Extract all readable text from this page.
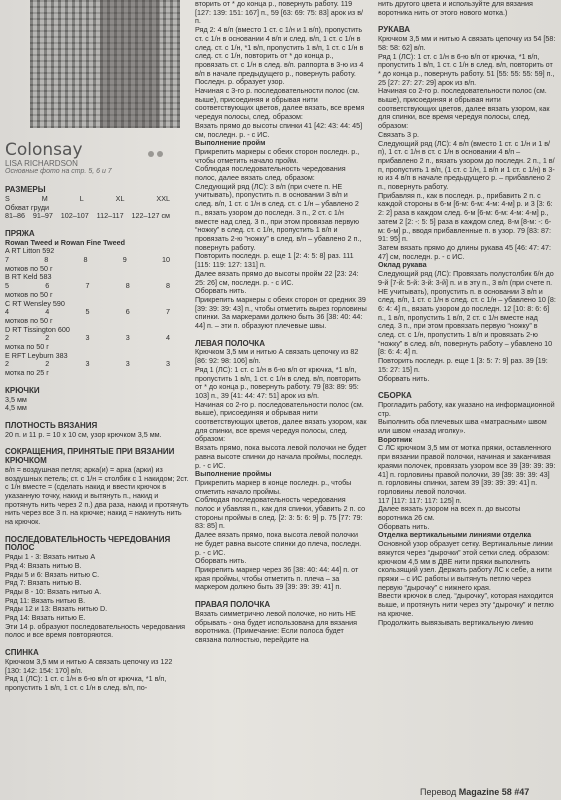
Colonsay
LISA RICHARDSON
Основные фото на стр. 5, 6 и 7
РАЗМЕРЫ
S	M	L	XL	XXL

Обхват груди

81–86 91–97 102–107 112–117 122–127 см
ПРЯЖА

Rowan Tweed и Rowan Fine Tweed

A RT Litton 592

7	8	8	9	10

мотков по 50 г

B RT Keld 583

5	6	7	8	8

мотков по 50 г

C RT Wensley 590

4	4	5	6	7

мотков по 50 г

D RT Tissington 600

2	2	3	3	4

мотка по 50 г

E RFT Leyburn 383

2	2	3	3	3

мотка по 25 г

КРЮЧКИ

3,5 мм

4,5 мм

ПЛОТНОСТЬ ВЯЗАНИЯ

20 п. и 11 р. = 10 х 10 см, узор крючком 3,5 мм.

СОКРАЩЕНИЯ, ПРИНЯТЫЕ ПРИ ВЯЗАНИИ КРЮЧКОМ

в/п = воздушная петля; арка(и) = арка (арки) из воздушных петель; ст. с 1/н = столбик с 1 накидом; 2ст. с 1/н вместе = (сделать накид и ввести крючок в указанную точку, накид и вытянуть п., накид и протянуть нить через 2 п.) два раза, накид и протянуть нить через все 3 п. на крючке; накид = накинуть нить на крючок.

ПОСЛЕДОВАТЕЛЬНОСТЬ ЧЕРЕДОВАНИЯ ПОЛОС

Ряды 1 - 3: Вязать нитью А

Ряд 4: Вязать нитью В.

Ряды 5 и 6: Вязать нитью С.

Ряд 7: Вязать нитью В.

Ряды 8 - 10: Вязать нитью А.

Ряд 11: Вязать нитью В.

Ряды 12 и 13: Вязать нитью D.

Ряд 14: Вязать нитью Е.

Эти 14 р. образуют последовательность чередования полос и все время повторяются.

СПИНКА

Крючком 3,5 мм и нитью А связать цепочку из 122 [130: 142: 154: 170] в/п.

Ряд 1 (ЛС): 1 ст. с 1/н в 6-ю в/п от крючка, *1 в/п, пропустить 1 в/п, 1 ст. с 1/н в след. в/п, по-

вторить от * до конца р., повернуть работу. 119 [127: 139: 151: 167] п., 59 [63: 69: 75: 83] арок из в/п.

Ряд 2: 4 в/п (вместо 1 ст. с 1/н и 1 в/п), пропустить ст. с 1/н в основании 4 в/п и след. в/п, 1 ст. с 1/н в след. ст. с 1/н, *1 в/п, пропустить 1 в/п, 1 ст. с 1/н в след. ст. с 1/н, повторить от * до конца р., провязать ст. с 1/н в след. в/п. раппорта в 3-ю из 4 в/п в начале предыдущего р., повернуть работу.

Последн. р. образует узор.

Начиная с 3-го р. последовательности полос (см. выше), присоединяя и обрывая нити соответствующих цветов, далее вязать, все время чередуя полосы, след. образом:

Вязать прямо до высоты спинки 41 [42: 43: 44: 45] см, последн. р. - с ИС.

Выполнение пройм

Прикрепить маркеры с обеих сторон последн. р., чтобы отметить начало пройм.

Соблюдая последовательность чередования полос, далее вязать след. образом:

Следующий ряд (ЛС): 3 в/п (при счете п. НЕ учитывать), пропустить п. в основании 3 в/п и след. в/п, 1 ст. с 1/н в след. ст. с 1/н – убавлено 2 п., вязать узором до последн. 3 п., 2 ст. с 1/н вместе над след. 3 п., при этом провязав первую “ножку” в след. ст. с 1/н, пропустить 1 в/п и провязать 2-ю “ножку” в след. в/п – убавлено 2 п., повернуть работу.

Повторить последн. р. еще 1 [2: 4: 5: 8] раз. 111 [115: 119: 127: 131] п.

Далее вязать прямо до высоты пройм 22 [23: 24: 25: 26] см, последн. р. - с ИС.

Оборвать нить.

Прикрепить маркеры с обеих сторон от средних 39 [39: 39: 39: 43] п., чтобы отметить вырез горловины спинки. За маркерами должно быть 36 [38: 40: 44: 44] п. – эти п. образуют плечевые швы.

ЛЕВАЯ ПОЛОЧКА

Крючком 3,5 мм и нитью А связать цепочку из 82 [86: 92: 98: 106] в/п.

Ряд 1 (ЛС): 1 ст. с 1/н в 6-ю в/п от крючка, *1 в/п, пропустить 1 в/п, 1 ст. с 1/н в след. в/п, повторить от * до конца р., повернуть работу. 79 [83: 89: 95: 103] п., 39 [41: 44: 47: 51] арок из в/п.

Начиная со 2-го р. последовательности полос (см. выше), присоединяя и обрывая нити соответствующих цветов, далее вязать узором, как для спинки, все время чередуя полосы, след. образом:

Вязать прямо, пока высота левой полочки не будет равна высоте спинки до начала проймы, последн. р. - с ИС.

Выполнение проймы

Прикрепить маркер в конце последн. р., чтобы отметить начало проймы.

Соблюдая последовательность чередования полос и убавляя п., как для спинки, убавить 2 п. со стороны проймы в след. [2: 3: 5: 6: 9] р. 75 [77: 79: 83: 85] п.

Далее вязать прямо, пока высота левой полочки не будет равна высоте спинки до плеча, последн. р. - с ИС.

Оборвать нить.

Прикрепить маркер через 36 [38: 40: 44: 44] п. от края проймы, чтобы отметить п. плеча – за маркером должно быть 39 [39: 39: 39: 41] п.

ПРАВАЯ ПОЛОЧКА

Вязать симметрично левой полочке, но нить НЕ обрывать - она будет использована для вязания воротника. (Примечание: Если полоса будет связана полностью, перейдите на

нить другого цвета и используйте для вязания воротника нить от этого нового мотка.)

РУКАВА

Крючком 3,5 мм и нитью А связать цепочку из 54 [58: 58: 58: 62] в/п.

Ряд 1 (ЛС): 1 ст. с 1/н в 6-ю в/п от крючка, *1 в/п, пропустить 1 в/п, 1 ст. с 1/н в след. в/п, повторить от * до конца р., повернуть работу. 51 [55: 55: 55: 59] п., 25 [27: 27: 27: 29] арок из в/п.

Начиная со 2-го р. последовательности полос (см. выше), присоединяя и обрывая нити соответствующих цветов, далее вязать узором, как для спинки, все время чередуя полосы, след. образом:

Связать 3 р.

Следующий ряд (ЛС): 4 в/п (вместо 1 ст. с 1/н и 1 в/п), 1 ст. с 1/н в ст. с 1/н в основании 4 в/п – прибавлено 2 п., вязать узором до последн. 2 п., 1 в/п, пропустить 1 в/п, (1 ст. с 1/н, 1 в/п и 1 ст. с 1/н) в 3-ю из 4 в/п в начале предыдущего р. – прибавлено 2 п., повернуть работу.

Прибавляя п., как в последн. р., прибавить 2 п. с каждой стороны в 6-м [6-м: 6-м: 4-м: 4-м] р. и 3 [3: 6: 2: 2] раза в каждом след. 6-м [6-м: 6-м: 4-м: 4-м] р., затем 2 [2: -: 5: 5] раза в каждом след. 8-м [8-м: -: 6-м: 6-м] р., вводя прибавленные п. в узор. 79 [83: 87: 91: 95] п.

Затем вязать прямо до длины рукава 45 [46: 47: 47: 47] см, последн. р. - с ИС.

Оклад рукава

Следующий ряд (ЛС): Провязать полустолбик 6/н до 9-й [7-й: 5-й: 3-й: 3-й] п. и в эту п., 3 в/п (при счете п. НЕ учитывать), пропустить п. в основании 3 в/п и след. в/п, 1 ст. с 1/н в след. ст. с 1/н – убавлено 10 [8: 6: 4: 4] п., вязать узором до последн. 12 [10: 8: 6: 6] п., 1 в/п, пропустить 1 в/п, 2 ст. с 1/н вместе над след. 3 п., при этом провязать первую “ножку” в след. ст. с 1/н, пропустить 1 в/п и провязать 2-ю “ножку” в след. в/п, повернуть работу – убавлено 10 [8: 6: 4: 4] п.

Повторить последн. р. еще 1 [3: 5: 7: 9] раз. 39 [19: 15: 27: 15] п.

Оборвать нить.

СБОРКА

Прогладить работу, как указано на информационной стр.

Выполнить оба плечевых шва «матрасным» швом или швом «назад иголку».

Воротник

С ЛС крючком 3,5 мм от мотка пряжи, оставленного при вязании правой полочки, начиная и заканчивая краями полочек, провязать узором все 39 [39: 39: 39: 41] п. горловины правой полочки, 39 [39: 39: 39: 43] п. горловины спинки, затем 39 [39: 39: 39: 41] п. горловины левой полочки.

117 [117: 117: 117: 125] п.

Далее вязать узором на всех п. до высоты воротника 26 см.

Оборвать нить.

Отделка вертикальными линиями отделка

Основной узор образует сетку. Вертикальные линии вяжутся через “дырочки” этой сетки след. образом: крючком 4,5 мм в ДВЕ нити пряжи выполнить скользящий узел. Держать работу ЛС к себе, а нити пряжи – с ИС работы и вытянуть петлю через первую “дырочку” с нижнего края.

Ввести крючок в след. “дырочку”, которая находится выше, и протянуть нити через эту “дырочку” и петлю на крючке.

Продолжить вывязывать вертикальную линию

Перевод Magazine 58 #47
